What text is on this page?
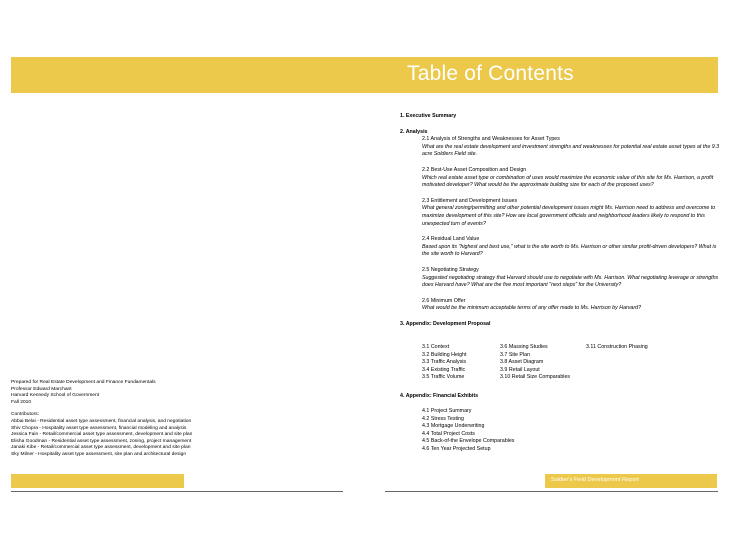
Table of Contents
1. Executive Summary
2. Analysis
2.1 Analysis of Strengths and Weaknesses for Asset Types
What are the real estate development and investment strengths and weaknesses for potential real estate asset types at the 9.3 acre Soldiers Field site.
2.2 Best-Use Asset Composition and Design
Which real estate asset type or combination of uses would maximize the economic value of this site for Ms. Harrison, a profit motivated developer? What would be the approximate building size for each of the proposed uses?
2.3 Entitlement and Development Issues
What general zoning/permitting and other potential development issues might Ms. Harrison need to address and overcome to maximize development of this site? How are local government officials and neighborhood leaders likely to respond to this unexpected turn of events?
2.4 Residual Land Value
Based upon its "highest and best use," what is the site worth to Ms. Harrison or other similar profit-driven developers? What is the site worth to Harvard?
2.5 Negotiating Strategy
Suggested negotiating strategy that Harvard should use to negotiate with Ms. Harrison. What negotiating leverage or strengths does Harvard have? What are the five most important "next steps" for the University?
2.6 Minimum Offer
What would be the minimum acceptable terms of any offer made to Ms. Harrison by Harvard?
3. Appendix: Development Proposal
3.1 Context
3.2 Building Height
3.3 Traffic Analysis
3.4 Existing Traffic
3.5 Traffic Volume
3.6 Massing Studies
3.7 Site Plan
3.8 Asset Diagram
3.9 Retail Layout
3.10 Retail Size Comparables
3.11 Construction Phasing
4. Appendix: Financial Exhibits
4.1 Project Summary
4.2 Stress Testing
4.3 Mortgage Underwriting
4.4 Total Project Costs
4.5 Back-of-the Envelope Comparables
4.6 Ten Year Projected Setup
Prepared for Real Estate Development and Finance Fundamentals
Professor Edward Marchant
Harvard Kennedy School of Government
Fall 2010
Contributors:
Abbai Belai - Residential asset type assessment, financial analysis, and negotiation
Shiv Chopra - Hospitality asset type assessment, financial modeling and analysis
Jessica Fain - Retail/commercial asset type assessment, development and site plan
Elisha Goodman - Residential asset type assessment, zoning, project management
Janaki Kibe - Retail/commercial asset type assessment, development and site plan
Sky Milner - Hospitality asset type assessment, site plan and architectural design
Soldier's Field Development Report
